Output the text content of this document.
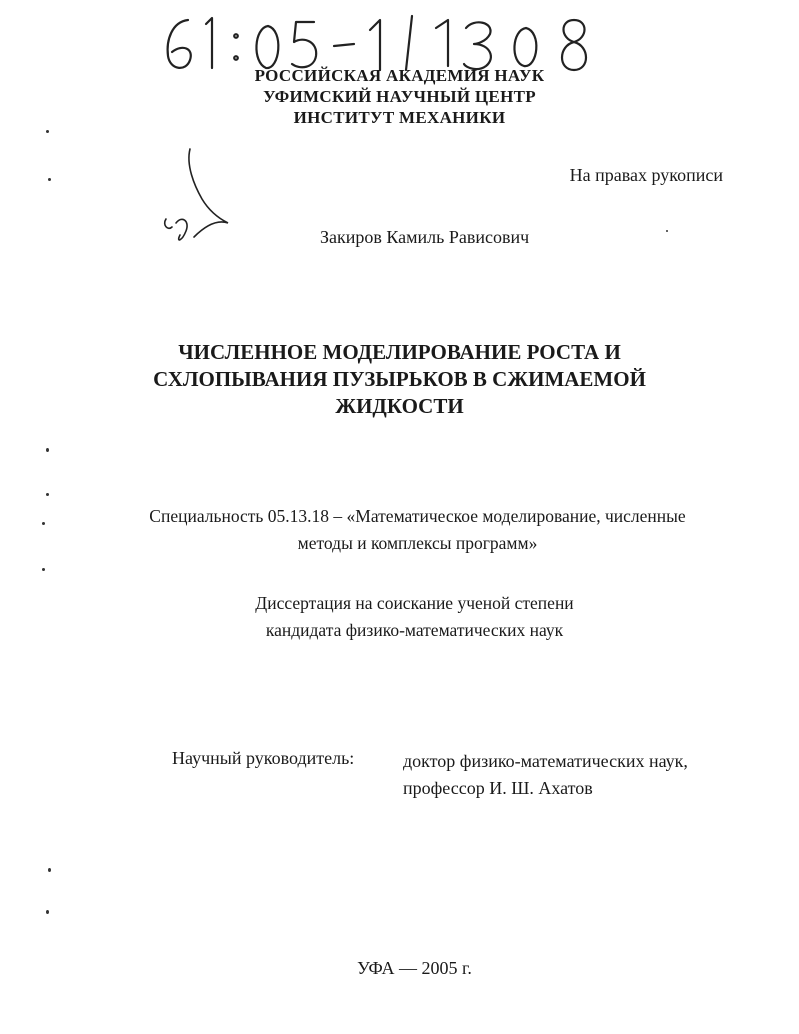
РОССИЙСКАЯ АКАДЕМИЯ НАУК
УФИМСКИЙ НАУЧНЫЙ ЦЕНТР
ИНСТИТУТ МЕХАНИКИ
На правах рукописи
Закиров Камиль Рависович
ЧИСЛЕННОЕ МОДЕЛИРОВАНИЕ РОСТА И
СХЛОПЫВАНИЯ ПУЗЫРЬКОВ В СЖИМАЕМОЙ
ЖИДКОСТИ
Специальность 05.13.18 – «Математическое моделирование, численные
методы и комплексы программ»
Диссертация на соискание ученой степени
кандидата физико-математических наук
Научный руководитель:	доктор физико-математических наук,
профессор И. Ш. Ахатов
УФА — 2005 г.
